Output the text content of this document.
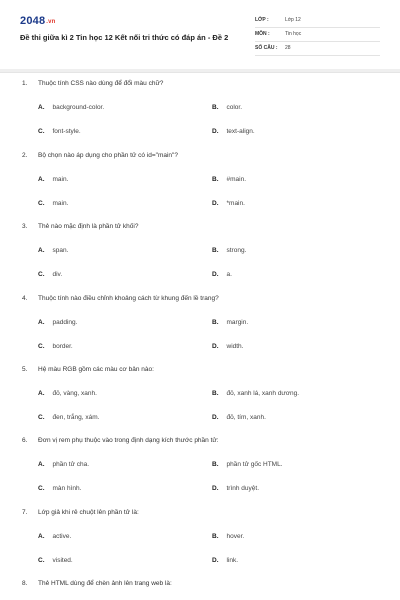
2048.vn
Đề thi giữa kì 2 Tin học 12 Kết nối tri thức có đáp án - Đề 2
LỚP :	Lớp 12
MÔN :	Tin học
SỐ CÂU : 28
1. Thuộc tính CSS nào dùng để đổi màu chữ?
A. background-color.	B. color.
C. font-style.	D. text-align.
2. Bộ chọn nào áp dụng cho phần tử có id="main"?
A. main.	B. #main.
C. main.	D. *main.
3. Thẻ nào mặc định là phần tử khối?
A. span.	B. strong.
C. div.	D. a.
4. Thuộc tính nào điều chỉnh khoảng cách từ khung đến lề trang?
A. padding.	B. margin.
C. border.	D. width.
5. Hệ màu RGB gồm các màu cơ bản nào:
A. đỏ, vàng, xanh.	B. đỏ, xanh lá, xanh dương.
C. đen, trắng, xám.	D. đỏ, tím, xanh.
6. Đơn vị rem phụ thuộc vào trong định dạng kích thước phần tử:
A. phần tử cha.	B. phần tử gốc HTML.
C. màn hình.	D. trình duyệt.
7. Lớp giả khi rê chuột lên phần tử là:
A. active.	B. hover.
C. visited.	D. link.
8. Thẻ HTML dùng để chèn ảnh lên trang web là:
